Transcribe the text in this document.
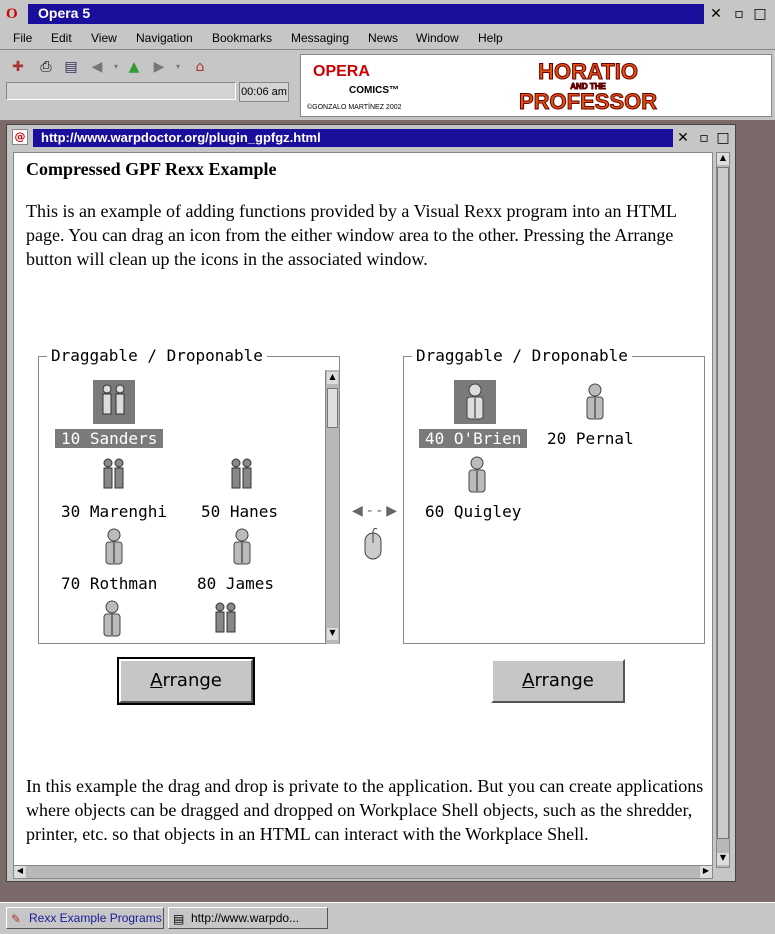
O	Opera 5	✕ ▫ □
File Edit View Navigation Bookmarks Messaging News Window Help
✚	⎙ ▤	◀	▾ ▲	▶	▾	⌂
00:06 am
OPERA
COMICS™
©GONZALO MARTÍNEZ 2002
HORATIO
AND THE
PROFESSOR
@	http://www.warpdoctor.org/plugin_gpfgz.html	✕ ▫ □
Compressed GPF Rexx Example
This is an example of adding functions provided by a Visual Rexx program into an HTML page. You can drag an icon from the either window area to the other. Pressing the Arrange button will clean up the icons in the associated window.
Draggable / Droponable
10 Sanders
30 Marenghi 50 Hanes
70 Rothman 80 James
▲
▼
◀ - - ▶
Draggable / Droponable
40 O'Brien	20 Pernal
60 Quigley
Arrange	Arrange
In this example the drag and drop is private to the application. But you can create applications where objects can be dragged and dropped on Workplace Shell objects, such as the shredder, printer, etc. so that objects in an HTML can interact with the Workplace Shell.
▲
▼
◀	▶
✎ Rexx Example Programs ▤ http://www.warpdo...
